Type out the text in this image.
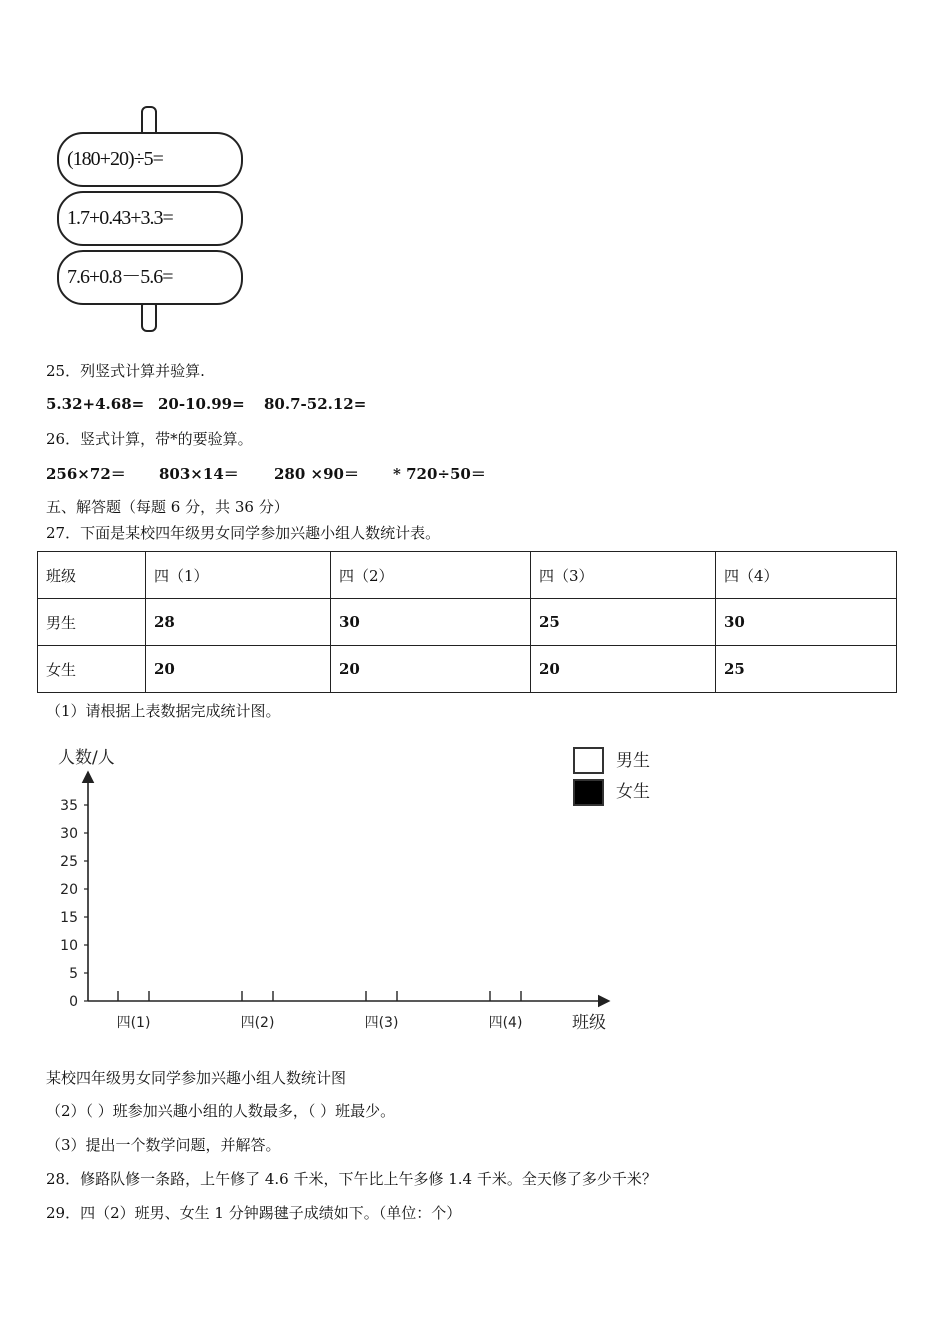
(180+20)÷5=
1.7+0.43+3.3=
7.6+0.8－5.6=
25．列竖式计算并验算.
5.32+4.68= 20-10.99= 80.7-52.12=
26．竖式计算，带*的要验算。
256×72＝ 803×14＝ 280 ×90＝ * 720÷50＝
五、解答题（每题 6 分，共 36 分）
27．下面是某校四年级男女同学参加兴趣小组人数统计表。
班级	四（1）	四（2）	四（3）	四（4）
男生	28	30	25	30
女生	20	20	20	25
（1）请根据上表数据完成统计图。
人数/人
0
5
10
15
20
25
30
35
四(1)	四(2)	四(3)	四(4)	班级
男生
女生
某校四年级男女同学参加兴趣小组人数统计图
（2）（ ）班参加兴趣小组的人数最多，（ ）班最少。
（3）提出一个数学问题，并解答。
28．修路队修一条路，上午修了 4.6 千米，下午比上午多修 1.4 千米。全天修了多少千米？
29．四（2）班男、女生 1 分钟踢毽子成绩如下。（单位：个）
